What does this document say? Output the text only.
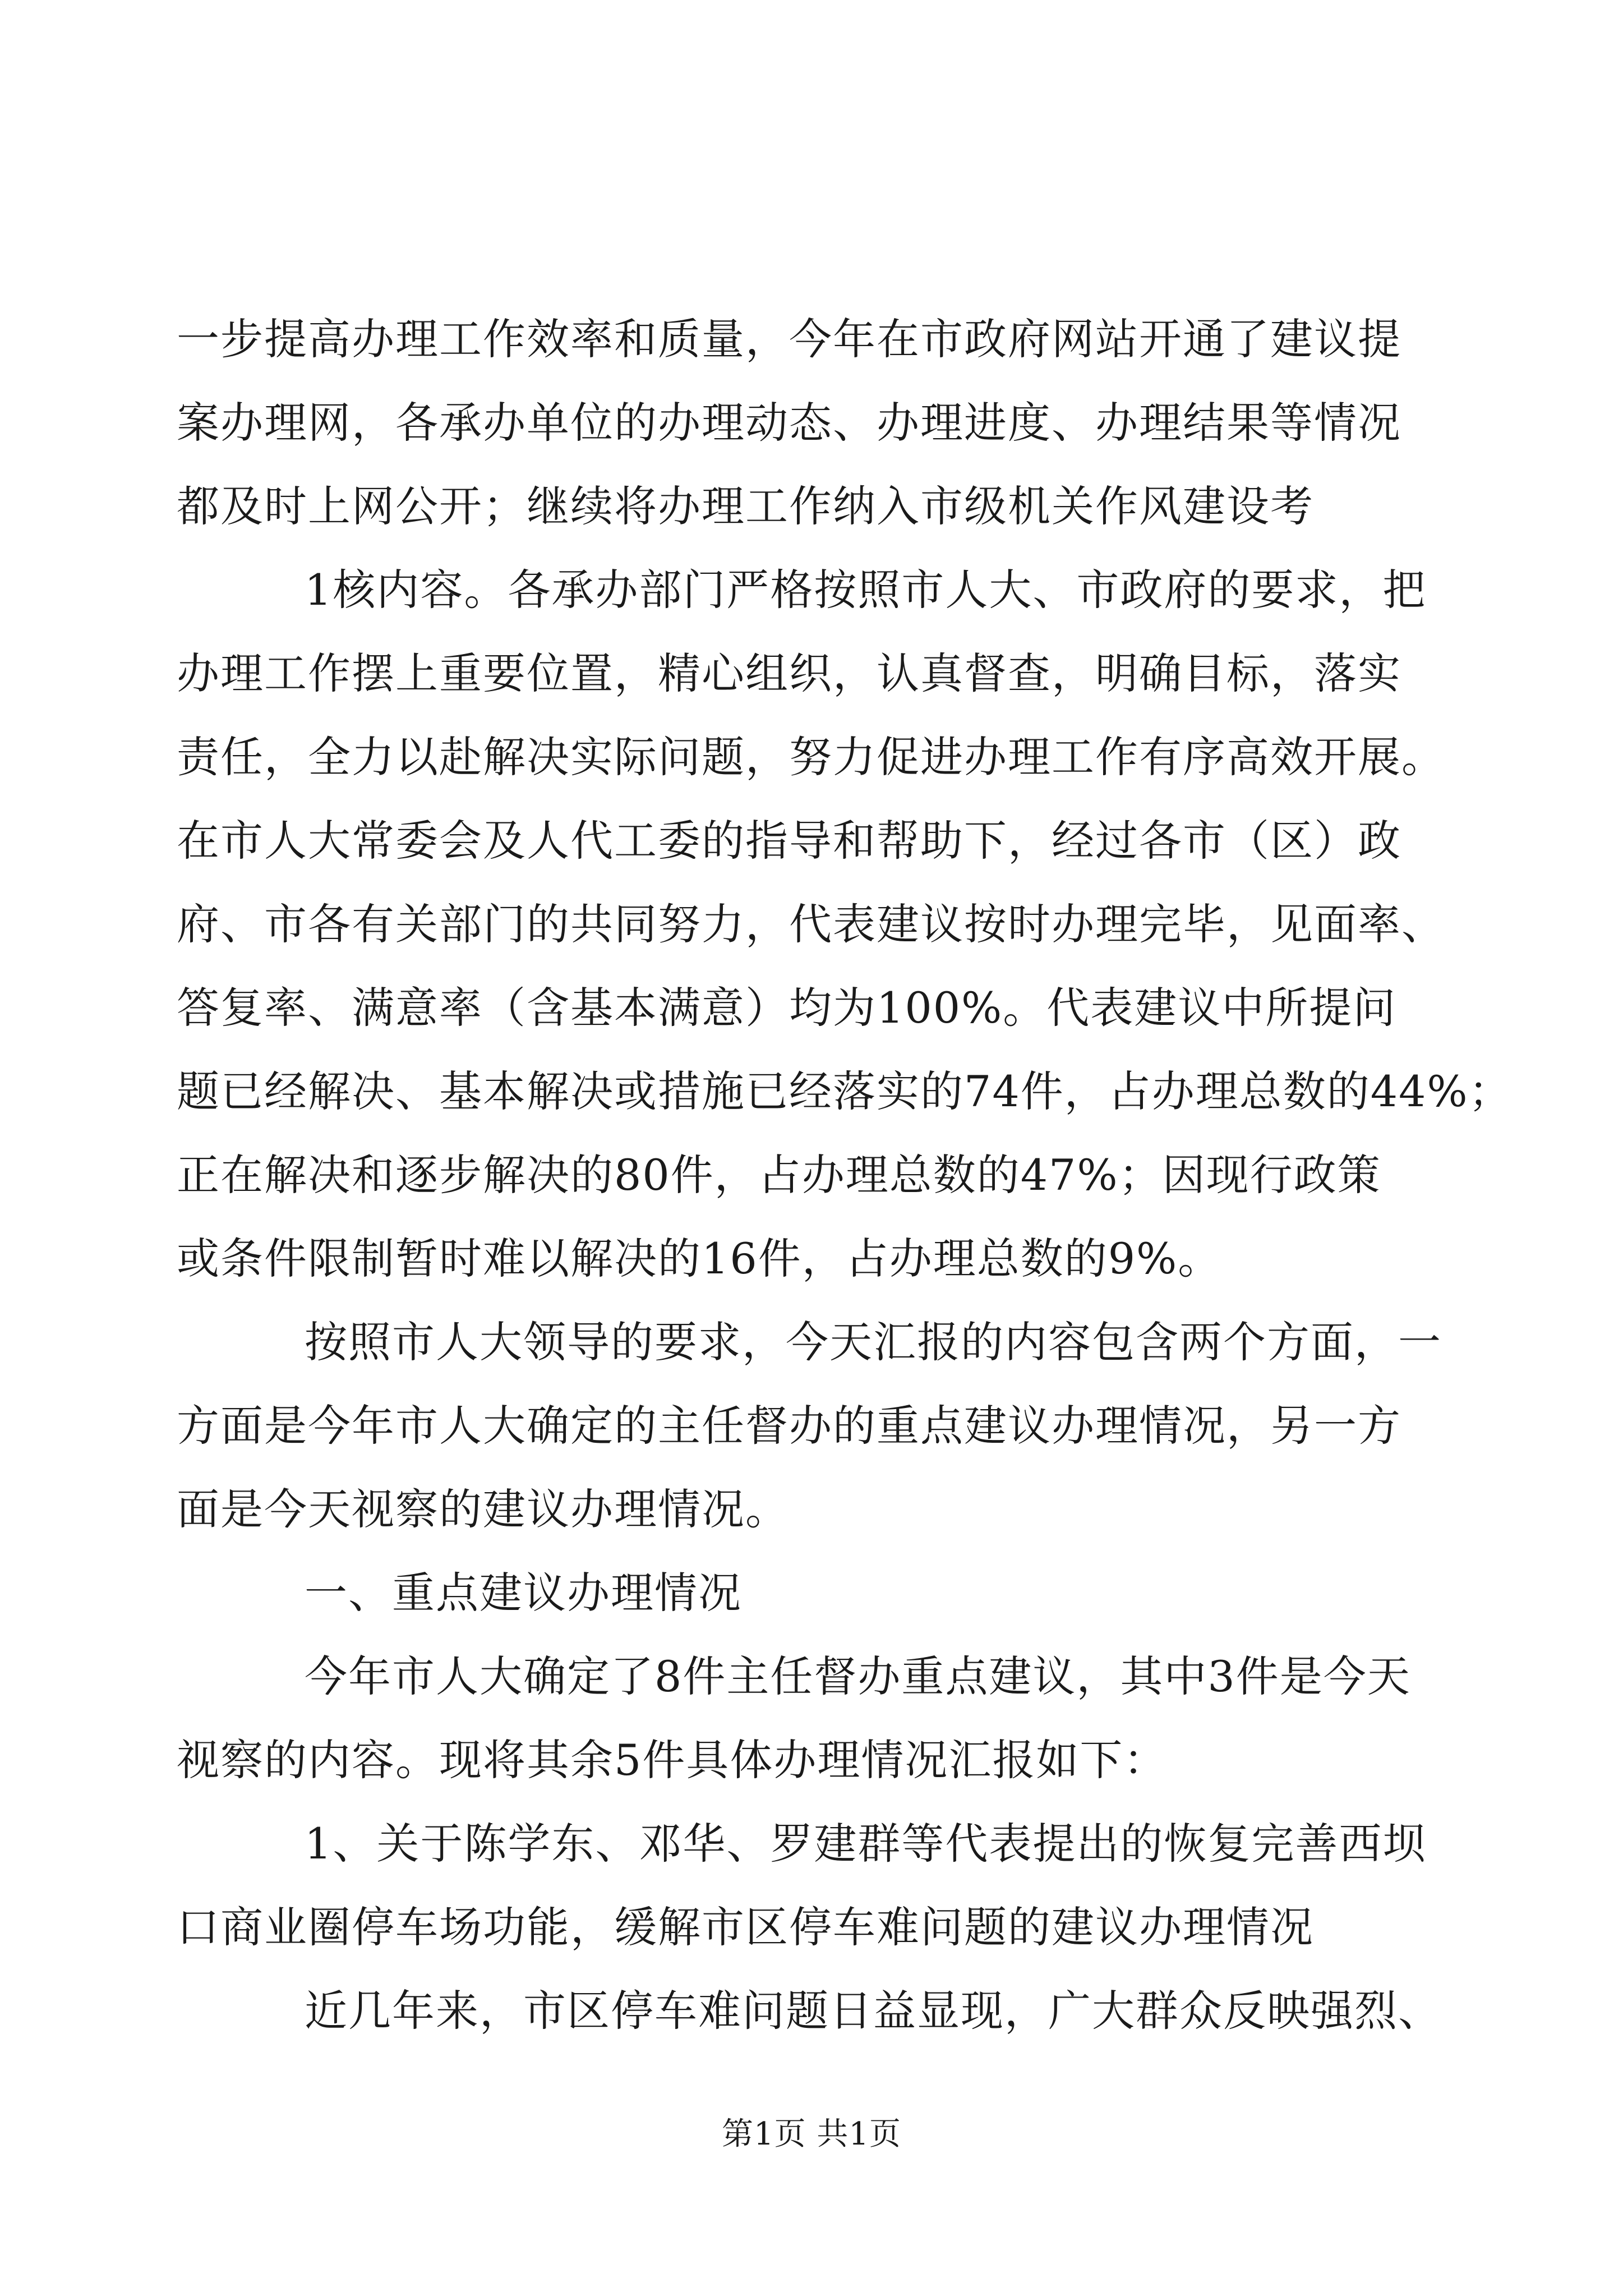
一步提高办理工作效率和质量，今年在市政府网站开通了建议提
案办理网，各承办单位的办理动态、办理进度、办理结果等情况
都及时上网公开；继续将办理工作纳入市级机关作风建设考
1核内容。各承办部门严格按照市人大、市政府的要求，把
办理工作摆上重要位置，精心组织，认真督查，明确目标，落实
责任，全力以赴解决实际问题，努力促进办理工作有序高效开展。
在市人大常委会及人代工委的指导和帮助下，经过各市（区）政
府、市各有关部门的共同努力，代表建议按时办理完毕，见面率、
答复率、满意率（含基本满意）均为100%。代表建议中所提问
题已经解决、基本解决或措施已经落实的74件，占办理总数的44%；
正在解决和逐步解决的80件，占办理总数的47%；因现行政策
或条件限制暂时难以解决的16件，占办理总数的9%。
按照市人大领导的要求，今天汇报的内容包含两个方面，一
方面是今年市人大确定的主任督办的重点建议办理情况，另一方
面是今天视察的建议办理情况。
一、重点建议办理情况
今年市人大确定了8件主任督办重点建议，其中3件是今天
视察的内容。现将其余5件具体办理情况汇报如下：
1、关于陈学东、邓华、罗建群等代表提出的恢复完善西坝
口商业圈停车场功能，缓解市区停车难问题的建议办理情况
近几年来，市区停车难问题日益显现，广大群众反映强烈、
第1页 共1页
